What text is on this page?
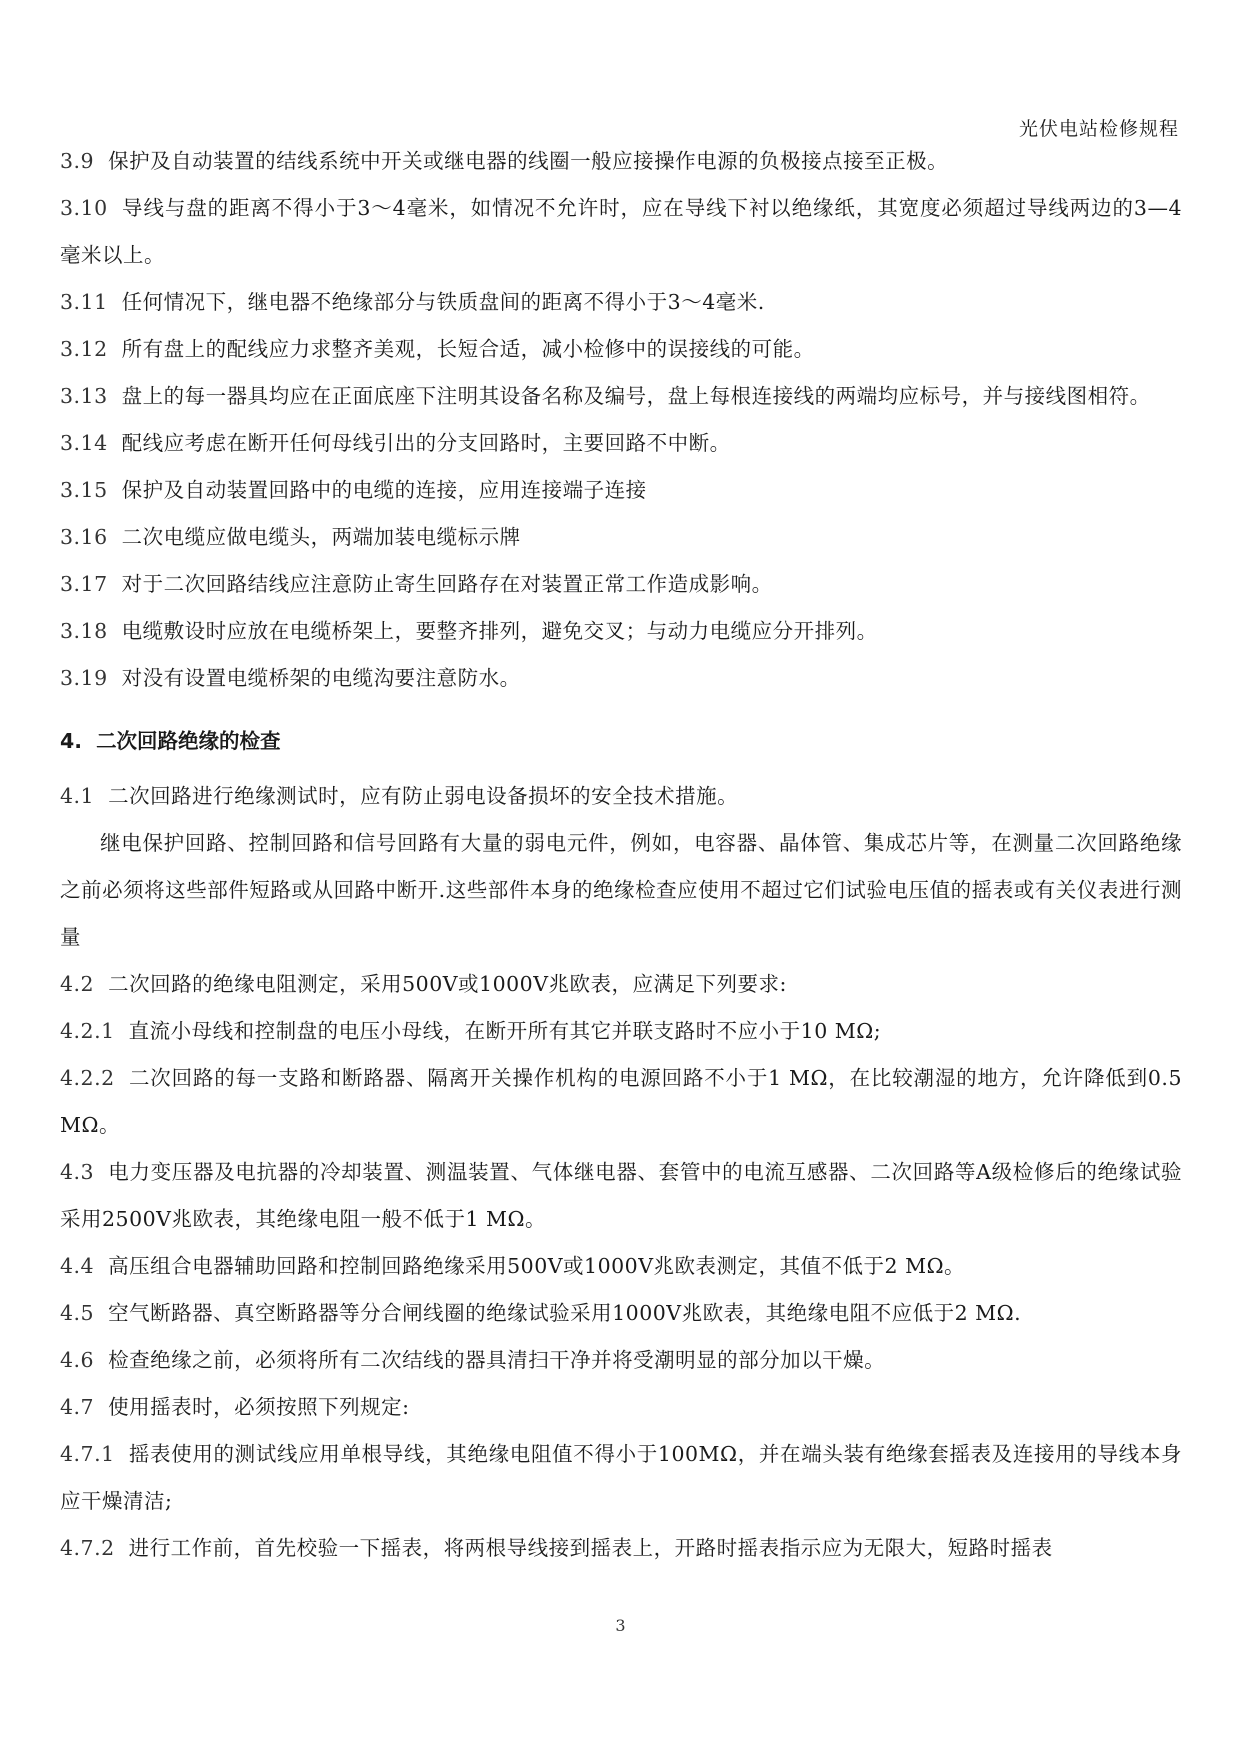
光伏电站检修规程

3.9 保护及自动装置的结线系统中开关或继电器的线圈一般应接操作电源的负极接点接至正极。

3.10 导线与盘的距离不得小于3～4毫米，如情况不允许时，应在导线下衬以绝缘纸，其宽度必须超过导线两边的3—4毫米以上。

3.11 任何情况下，继电器不绝缘部分与铁质盘间的距离不得小于3～4毫米.

3.12 所有盘上的配线应力求整齐美观，长短合适，减小检修中的误接线的可能。

3.13 盘上的每一器具均应在正面底座下注明其设备名称及编号，盘上每根连接线的两端均应标号，并与接线图相符。

3.14 配线应考虑在断开任何母线引出的分支回路时，主要回路不中断。

3.15 保护及自动装置回路中的电缆的连接，应用连接端子连接

3.16 二次电缆应做电缆头，两端加装电缆标示牌

3.17 对于二次回路结线应注意防止寄生回路存在对装置正常工作造成影响。

3.18 电缆敷设时应放在电缆桥架上，要整齐排列，避免交叉；与动力电缆应分开排列。

3.19 对没有设置电缆桥架的电缆沟要注意防水。

4. 二次回路绝缘的检查

4.1 二次回路进行绝缘测试时，应有防止弱电设备损坏的安全技术措施。

继电保护回路、控制回路和信号回路有大量的弱电元件，例如，电容器、晶体管、集成芯片等，在测量二次回路绝缘之前必须将这些部件短路或从回路中断开.这些部件本身的绝缘检查应使用不超过它们试验电压值的摇表或有关仪表进行测量

4.2 二次回路的绝缘电阻测定，采用500V或1000V兆欧表，应满足下列要求:

4.2.1 直流小母线和控制盘的电压小母线，在断开所有其它并联支路时不应小于10 MΩ;

4.2.2 二次回路的每一支路和断路器、隔离开关操作机构的电源回路不小于1 MΩ，在比较潮湿的地方，允许降低到0.5 MΩ。

4.3 电力变压器及电抗器的冷却装置、测温装置、气体继电器、套管中的电流互感器、二次回路等A级检修后的绝缘试验采用2500V兆欧表，其绝缘电阻一般不低于1 MΩ。

4.4 高压组合电器辅助回路和控制回路绝缘采用500V或1000V兆欧表测定，其值不低于2 MΩ。

4.5 空气断路器、真空断路器等分合闸线圈的绝缘试验采用1000V兆欧表，其绝缘电阻不应低于2 MΩ.

4.6 检查绝缘之前，必须将所有二次结线的器具清扫干净并将受潮明显的部分加以干燥。

4.7 使用摇表时，必须按照下列规定:

4.7.1 摇表使用的测试线应用单根导线，其绝缘电阻值不得小于100MΩ，并在端头装有绝缘套摇表及连接用的导线本身应干燥清洁;

4.7.2 进行工作前，首先校验一下摇表，将两根导线接到摇表上，开路时摇表指示应为无限大，短路时摇表

3
